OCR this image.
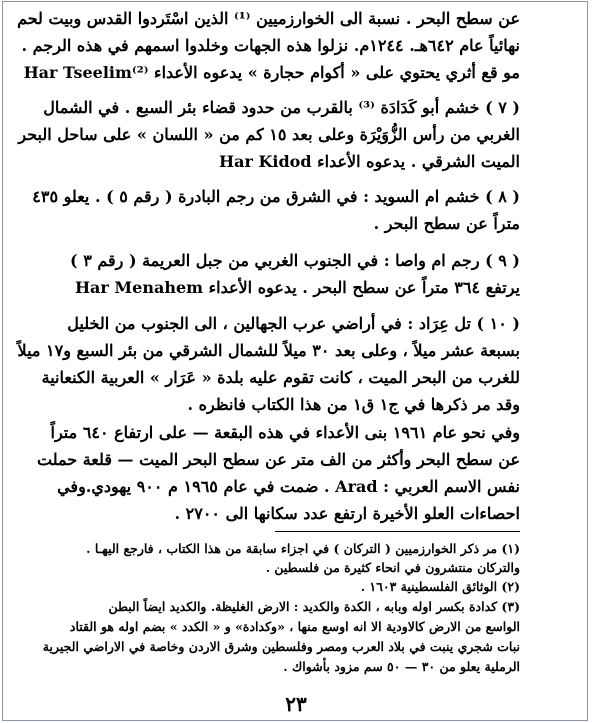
عن سطح البحر . نسبة الى الخوارزميين ⁽¹⁾ الذين اسْتَردوا القدس وبيت لحم
نهائياً عام ٦٤٢هـ. ١٢٤٤م. نزلوا هذه الجهات وخلدوا اسمهم في هذه الرجم .
مو قع أثري يحتوي على « أكوام حجارة » يدعوه الأعداء Har Tseelim⁽²⁾
( ٧ ) خشم أبو كَدَادَة ⁽³⁾ بالقرب من حدود قضاء بئر السبع . في الشمال
الغربي من رأس الزُّوَيْرَة وعلى بعد ١٥ كم من « اللسان » على ساحل البحر
الميت الشرقي . يدعوه الأعداء Har Kidod
( ٨ ) خشم ام السويد : في الشرق من رجم البادرة ( رقم ٥ ) . يعلو ٤٣٥
متراً عن سطح البحر .
( ٩ ) رجم ام واصا : في الجنوب الغربي من جبل العريمة ( رقم ٣ )
يرتفع ٣٦٤ متراً عن سطح البحر . يدعوه الأعداء Har Menahem
( ١٠ ) تل عِرَاد : في أراضي عرب الجهالين ، الى الجنوب من الخليل
بسبعة عشر ميلاً ، وعلى بعد ٣٠ ميلاً للشمال الشرقي من بئر السبع و١٧ ميلاً
للغرب من البحر الميت ، كانت تقوم عليه بلدة « عَرَار » العربية الكنعانية
وقد مر ذكرها في ج١ ق١ من هذا الكتاب فانظره .
وفي نحو عام ١٩٦١ بنى الأعداء في هذه البقعة — على ارتفاع ٦٤٠ متراً
عن سطح البحر وأكثر من الف متر عن سطح البحر الميت — قلعة حملت
نفس الاسم العربي : Arad . ضمت في عام ١٩٦٥ م ٩٠٠ يهودي.وفي
احصاءات العلو الأخيرة ارتفع عدد سكانها الى ٢٧٠٠ .
(١) مر ذكر الخوارزميين ( الترکان ) في اجزاء سابقة من هذا الكتاب ، فارجع اليهـا .
والتركان منتشرون في انحاء كثيرة من فلسطين .
(٢) الوثائق الفلسطينية ١٦٠٣ .
(٣) كدادة بكسر اوله وبابه ، الكدة والكديد : الارض الغليظة. والكديد ايضاً البطن
الواسع من الارض كالاودية الا انه اوسع منها ، «وكدادة» و « الكدد » بضم اوله هو القتاد
نبات شجري ينبت في بلاد العرب ومصر وفلسطين وشرق الاردن وخاصة في الاراضي الجيرية
الرملية يعلو من ٣٠ — ٥٠ سم مزود بأشواك .
٢٣
